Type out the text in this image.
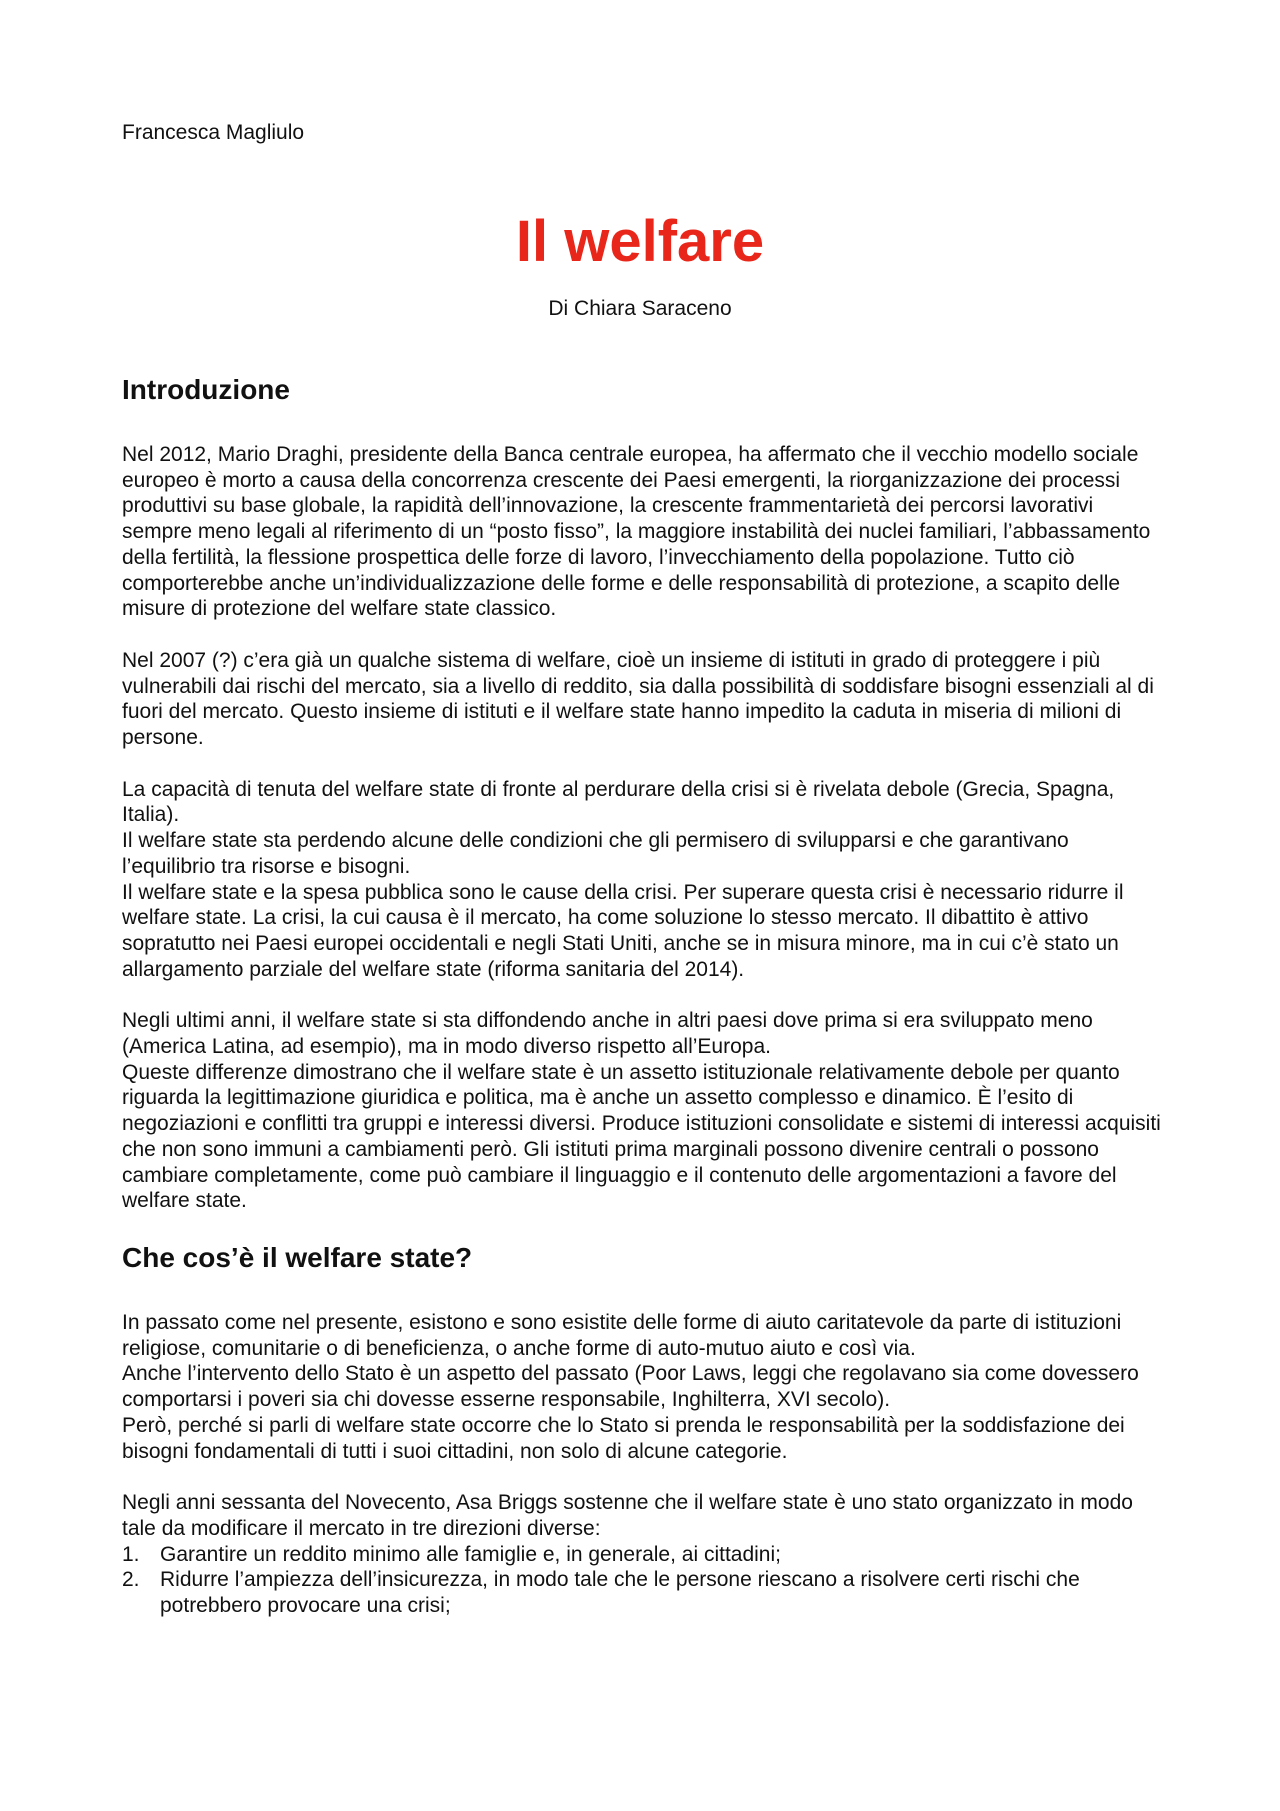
Francesca Magliulo
Il welfare
Di Chiara Saraceno
Introduzione

Nel 2012, Mario Draghi, presidente della Banca centrale europea, ha affermato che il vecchio modello sociale europeo è morto a causa della concorrenza crescente dei Paesi emergenti, la riorganizzazione dei processi produttivi su base globale, la rapidità dell’innovazione, la crescente frammentarietà dei percorsi lavorativi sempre meno legali al riferimento di un “posto fisso”, la maggiore instabilità dei nuclei familiari, l’abbassamento della fertilità, la flessione prospettica delle forze di lavoro, l’invecchiamento della popolazione. Tutto ciò comporterebbe anche un’individualizzazione delle forme e delle responsabilità di protezione, a scapito delle misure di protezione del welfare state classico.

Nel 2007 (?) c’era già un qualche sistema di welfare, cioè un insieme di istituti in grado di proteggere i più vulnerabili dai rischi del mercato, sia a livello di reddito, sia dalla possibilità di soddisfare bisogni essenziali al di fuori del mercato. Questo insieme di istituti e il welfare state hanno impedito la caduta in miseria di milioni di persone.

La capacità di tenuta del welfare state di fronte al perdurare della crisi si è rivelata debole (Grecia, Spagna, Italia).

Il welfare state sta perdendo alcune delle condizioni che gli permisero di svilupparsi e che garantivano l’equilibrio tra risorse e bisogni.

Il welfare state e la spesa pubblica sono le cause della crisi. Per superare questa crisi è necessario ridurre il welfare state. La crisi, la cui causa è il mercato, ha come soluzione lo stesso mercato. Il dibattito è attivo sopratutto nei Paesi europei occidentali e negli Stati Uniti, anche se in misura minore, ma in cui c’è stato un allargamento parziale del welfare state (riforma sanitaria del 2014).

Negli ultimi anni, il welfare state si sta diffondendo anche in altri paesi dove prima si era sviluppato meno (America Latina, ad esempio), ma in modo diverso rispetto all’Europa.

Queste differenze dimostrano che il welfare state è un assetto istituzionale relativamente debole per quanto riguarda la legittimazione giuridica e politica, ma è anche un assetto complesso e dinamico. È l’esito di negoziazioni e conflitti tra gruppi e interessi diversi. Produce istituzioni consolidate e sistemi di interessi acquisiti che non sono immuni a cambiamenti però. Gli istituti prima marginali possono divenire centrali o possono cambiare completamente, come può cambiare il linguaggio e il contenuto delle argomentazioni a favore del welfare state.

Che cos’è il welfare state?

In passato come nel presente, esistono e sono esistite delle forme di aiuto caritatevole da parte di istituzioni religiose, comunitarie o di beneficienza, o anche forme di auto-mutuo aiuto e così via.

Anche l’intervento dello Stato è un aspetto del passato (Poor Laws, leggi che regolavano sia come dovessero comportarsi i poveri sia chi dovesse esserne responsabile, Inghilterra, XVI secolo).

Però, perché si parli di welfare state occorre che lo Stato si prenda le responsabilità per la soddisfazione dei bisogni fondamentali di tutti i suoi cittadini, non solo di alcune categorie.

Negli anni sessanta del Novecento, Asa Briggs sostenne che il welfare state è uno stato organizzato in modo tale da modificare il mercato in tre direzioni diverse:

1. Garantire un reddito minimo alle famiglie e, in generale, ai cittadini;
2. Ridurre l’ampiezza dell’insicurezza, in modo tale che le persone riescano a risolvere certi rischi che potrebbero provocare una crisi;
